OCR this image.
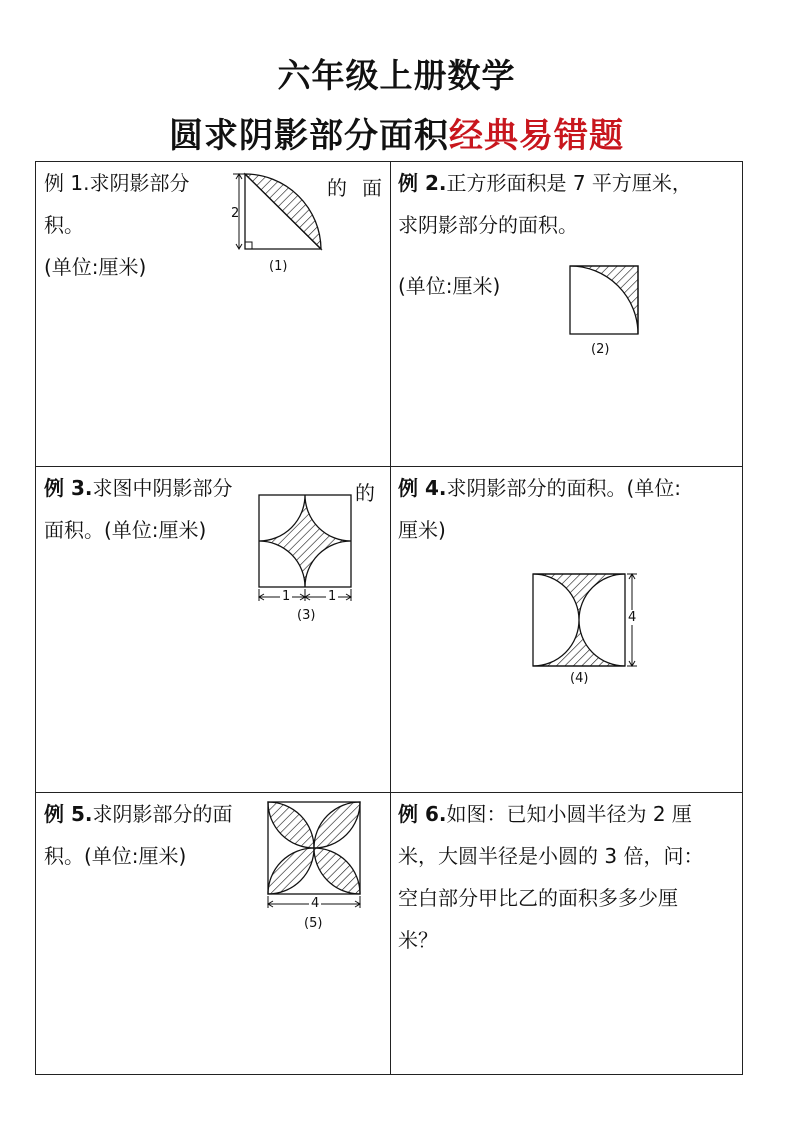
六年级上册数学
圆求阴影部分面积经典易错题
例 1.求阴影部分	的 面
积。
(单位:厘米)
2
(1)
例 2.正方形面积是 7 平方厘米，
求阴影部分的面积。
(单位:厘米)
(2)
例 3.求图中阴影部分	的
面积。(单位:厘米)
1	1
(3)
例 4.求阴影部分的面积。(单位:
厘米)
4
(4)
例 5.求阴影部分的面
积。(单位:厘米)
4
(5)
例 6.如图：已知小圆半径为 2 厘
米，大圆半径是小圆的 3 倍，问：
空白部分甲比乙的面积多多少厘
米？
